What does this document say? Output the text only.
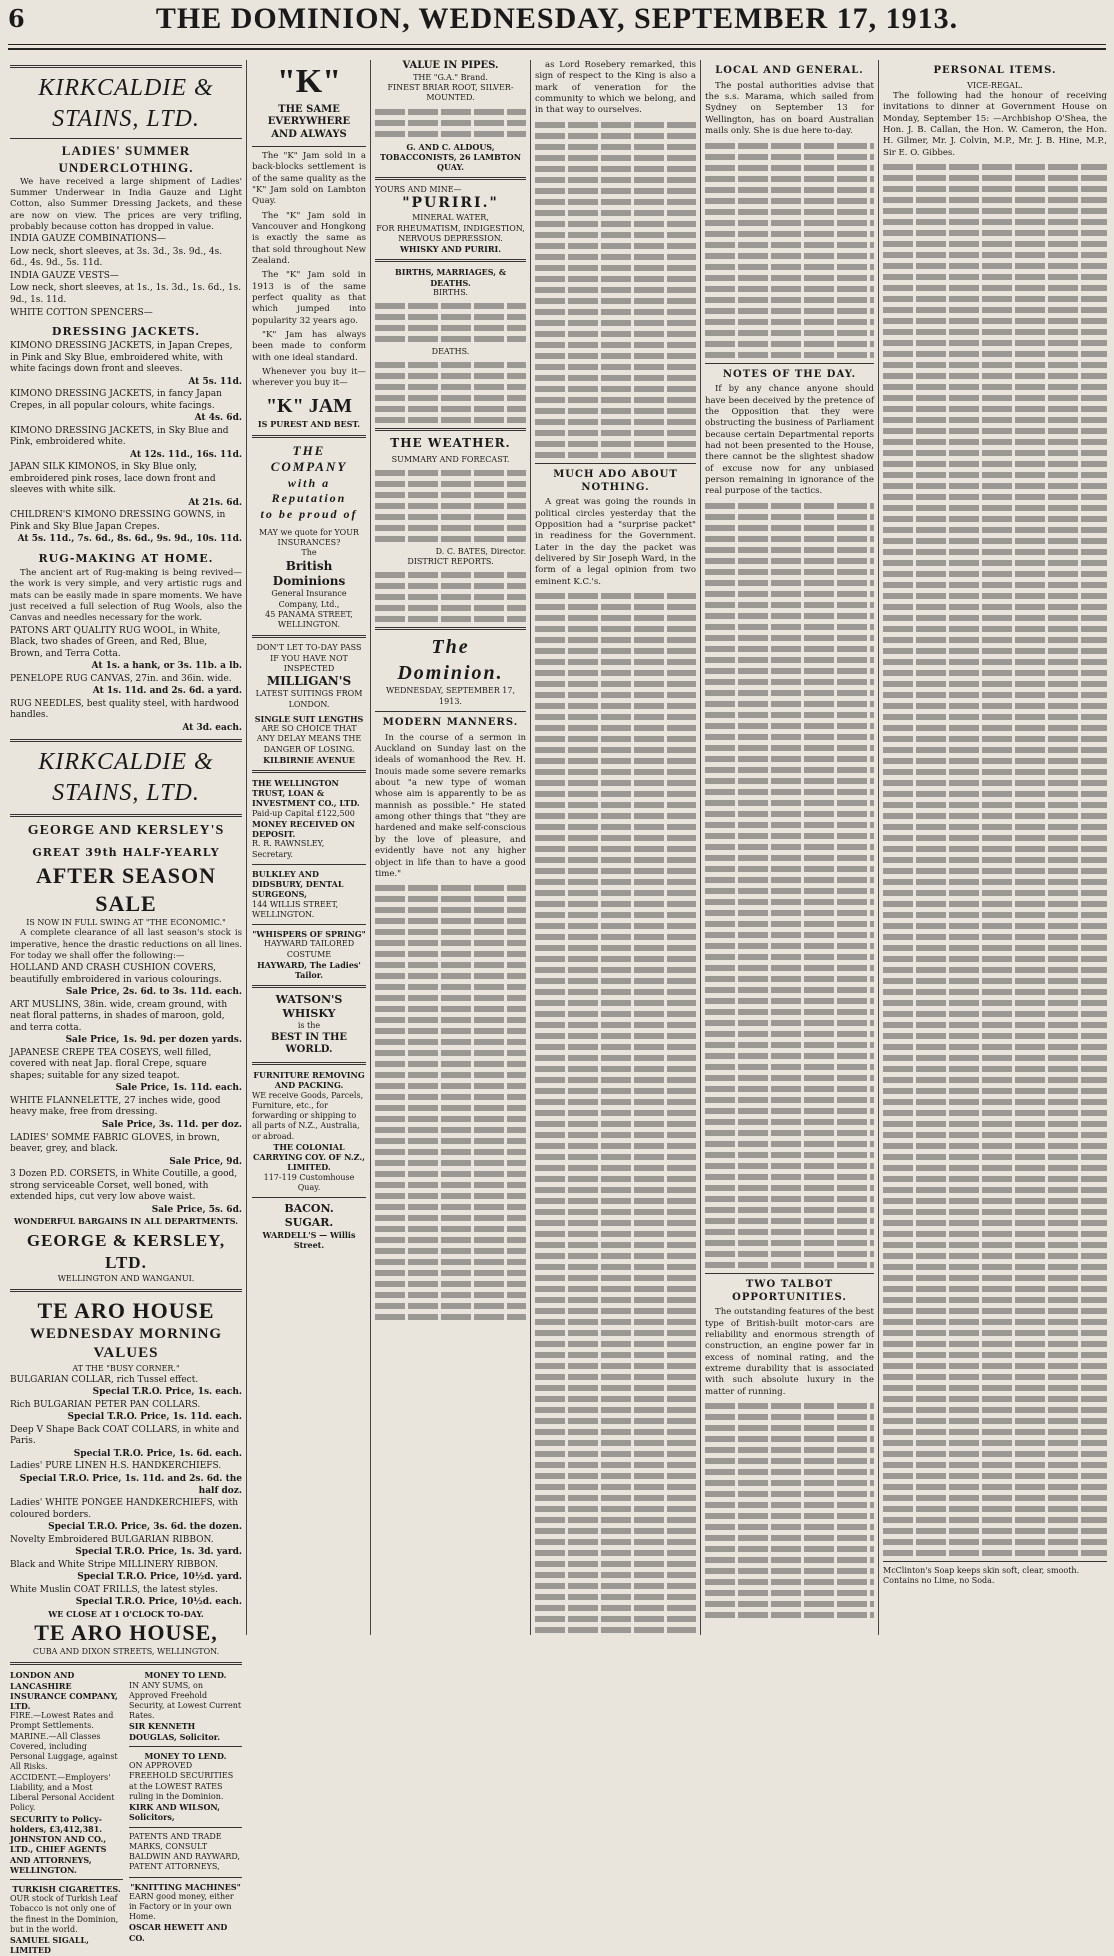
6	THE DOMINION, WEDNESDAY, SEPTEMBER 17, 1913.
KIRKCALDIE & STAINS, LTD.
LADIES' SUMMER UNDERCLOTHING.
We have received a large shipment of Ladies' Summer Underwear in India Gauze and Light Cotton, also Summer Dressing Jackets, and these are now on view. The prices are very trifling, probably because cotton has dropped in value.
INDIA GAUZE COMBINATIONS—
Low neck, short sleeves, at 3s. 3d., 3s. 9d., 4s. 6d., 4s. 9d., 5s. 11d.
INDIA GAUZE VESTS—
Low neck, short sleeves, at 1s., 1s. 3d., 1s. 6d., 1s. 9d., 1s. 11d.
WHITE COTTON SPENCERS—
DRESSING JACKETS.
KIMONO DRESSING JACKETS, in Japan Crepes, in Pink and Sky Blue, embroidered white, with white facings down front and sleeves.
At 5s. 11d.
KIMONO DRESSING JACKETS, in fancy Japan Crepes, in all popular colours, white facings.
At 4s. 6d.
KIMONO DRESSING JACKETS, in Sky Blue and Pink, embroidered white.
At 12s. 11d., 16s. 11d.
JAPAN SILK KIMONOS, in Sky Blue only, embroidered pink roses, lace down front and sleeves with white silk.
At 21s. 6d.
CHILDREN'S KIMONO DRESSING GOWNS, in Pink and Sky Blue Japan Crepes.
At 5s. 11d., 7s. 6d., 8s. 6d., 9s. 9d., 10s. 11d.
RUG-MAKING AT HOME.
The ancient art of Rug-making is being revived—the work is very simple, and very artistic rugs and mats can be easily made in spare moments. We have just received a full selection of Rug Wools, also the Canvas and needles necessary for the work.
PATONS ART QUALITY RUG WOOL, in White, Black, two shades of Green, and Red, Blue, Brown, and Terra Cotta.
At 1s. a hank, or 3s. 11b. a lb.
PENELOPE RUG CANVAS, 27in. and 36in. wide.
At 1s. 11d. and 2s. 6d. a yard.
RUG NEEDLES, best quality steel, with hardwood handles.
At 3d. each.
KIRKCALDIE & STAINS, LTD.
GEORGE AND KERSLEY'S
GREAT 39th HALF-YEARLY
AFTER SEASON SALE
IS NOW IN FULL SWING AT "THE ECONOMIC."
A complete clearance of all last season's stock is imperative, hence the drastic reductions on all lines. For today we shall offer the following:—
HOLLAND AND CRASH CUSHION COVERS, beautifully embroidered in various colourings.
Sale Price, 2s. 6d. to 3s. 11d. each.
ART MUSLINS, 38in. wide, cream ground, with neat floral patterns, in shades of maroon, gold, and terra cotta.
Sale Price, 1s. 9d. per dozen yards.
JAPANESE CREPE TEA COSEYS, well filled, covered with neat Jap. floral Crepe, square shapes; suitable for any sized teapot.
Sale Price, 1s. 11d. each.
WHITE FLANNELETTE, 27 inches wide, good heavy make, free from dressing.
Sale Price, 3s. 11d. per doz.
LADIES' SOMME FABRIC GLOVES, in brown, beaver, grey, and black.
Sale Price, 9d.
3 Dozen P.D. CORSETS, in White Coutille, a good, strong serviceable Corset, well boned, with extended hips, cut very low above waist.
Sale Price, 5s. 6d.
WONDERFUL BARGAINS IN ALL DEPARTMENTS.
GEORGE & KERSLEY, LTD.
WELLINGTON AND WANGANUI.
TE ARO HOUSE
WEDNESDAY MORNING VALUES
AT THE "BUSY CORNER."
BULGARIAN COLLAR, rich Tussel effect.
Special T.R.O. Price, 1s. each.
Rich BULGARIAN PETER PAN COLLARS.
Special T.R.O. Price, 1s. 11d. each.
Deep V Shape Back COAT COLLARS, in white and Paris.
Special T.R.O. Price, 1s. 6d. each.
Ladies' PURE LINEN H.S. HANDKERCHIEFS.
Special T.R.O. Price, 1s. 11d. and 2s. 6d. the half doz.
Ladies' WHITE PONGEE HANDKERCHIEFS, with coloured borders.
Special T.R.O. Price, 3s. 6d. the dozen.
Novelty Embroidered BULGARIAN RIBBON.
Special T.R.O. Price, 1s. 3d. yard.
Black and White Stripe MILLINERY RIBBON.
Special T.R.O. Price, 10½d. yard.
White Muslin COAT FRILLS, the latest styles.
Special T.R.O. Price, 10½d. each.
WE CLOSE AT 1 O'CLOCK TO-DAY.
TE ARO HOUSE,
CUBA AND DIXON STREETS, WELLINGTON.
LONDON AND LANCASHIRE INSURANCE COMPANY, LTD.
FIRE.—Lowest Rates and Prompt Settlements.
MARINE.—All Classes Covered, including Personal Luggage, against All Risks.
ACCIDENT.—Employers' Liability, and a Most Liberal Personal Accident Policy.
SECURITY to Policy-holders, £3,412,381.
JOHNSTON AND CO., LTD., CHIEF AGENTS AND ATTORNEYS, WELLINGTON.
TURKISH CIGARETTES.
OUR stock of Turkish Leaf Tobacco is not only one of the finest in the Dominion, but in the world.
SAMUEL SIGALL, LIMITED
MONEY TO LEND.
IN ANY SUMS, on Approved Freehold Security, at Lowest Current Rates.
SIR KENNETH DOUGLAS, Solicitor.
MONEY TO LEND.
ON APPROVED FREEHOLD SECURITIES at the LOWEST RATES ruling in the Dominion.
KIRK AND WILSON, Solicitors,
PATENTS AND TRADE MARKS, CONSULT BALDWIN AND RAYWARD, PATENT ATTORNEYS,
"KNITTING MACHINES"
EARN good money, either in Factory or in your own Home.
OSCAR HEWETT AND CO.
"K"
THE SAME
EVERYWHERE
AND ALWAYS
The "K" Jam sold in a back-blocks settlement is of the same quality as the "K" Jam sold on Lambton Quay.
The "K" Jam sold in Vancouver and Hongkong is exactly the same as that sold throughout New Zealand.
The "K" Jam sold in 1913 is of the same perfect quality as that which jumped into popularity 32 years ago.
"K" Jam has always been made to conform with one ideal standard.
Whenever you buy it—wherever you buy it—
"K" JAM
IS PUREST AND BEST.
THE COMPANY
with a Reputation
to be proud of
MAY we quote for YOUR INSURANCES?
The
British Dominions
General Insurance Company, Ltd.,
45 PANAMA STREET, WELLINGTON.
DON'T LET TO-DAY PASS IF YOU HAVE NOT INSPECTED
MILLIGAN'S
LATEST SUITINGS FROM LONDON.
SINGLE SUIT LENGTHS
ARE SO CHOICE THAT ANY DELAY MEANS THE DANGER OF LOSING.
KILBIRNIE AVENUE
THE WELLINGTON TRUST, LOAN & INVESTMENT CO., LTD.
Paid-up Capital £122,500
MONEY RECEIVED ON DEPOSIT.
R. R. RAWNSLEY, Secretary.
BULKLEY AND DIDSBURY, DENTAL SURGEONS,
144 WILLIS STREET, WELLINGTON.
"WHISPERS OF SPRING"
HAYWARD TAILORED COSTUME
HAYWARD, The Ladies' Tailor.
WATSON'S WHISKY
is the
BEST IN THE WORLD.
FURNITURE REMOVING AND PACKING.
WE receive Goods, Parcels, Furniture, etc., for forwarding or shipping to all parts of N.Z., Australia, or abroad.
THE COLONIAL CARRYING COY. OF N.Z., LIMITED.
117-119 Customhouse Quay.
BACON.
SUGAR.
WARDELL'S — Willis Street.
VALUE IN PIPES.
THE "G.A." Brand.
FINEST BRIAR ROOT, SILVER-MOUNTED.
G. AND C. ALDOUS, TOBACCONISTS, 26 LAMBTON QUAY.
YOURS AND MINE—
"PURIRI."
MINERAL WATER,
FOR RHEUMATISM, INDIGESTION, NERVOUS DEPRESSION.
WHISKY AND PURIRI.
BIRTHS, MARRIAGES, & DEATHS.
BIRTHS.
DEATHS.
THE WEATHER.
SUMMARY AND FORECAST.
D. C. BATES, Director.
DISTRICT REPORTS.
The Dominion.
WEDNESDAY, SEPTEMBER 17, 1913.
MODERN MANNERS.
In the course of a sermon in Auckland on Sunday last on the ideals of womanhood the Rev. H. Inouis made some severe remarks about "a new type of woman whose aim is apparently to be as mannish as possible." He stated among other things that "they are hardened and make self-conscious by the love of pleasure, and evidently have not any higher object in life than to have a good time."
as Lord Rosebery remarked, this sign of respect to the King is also a mark of veneration for the community to which we belong, and in that way to ourselves.
MUCH ADO ABOUT NOTHING.
A great was going the rounds in political circles yesterday that the Opposition had a "surprise packet" in readiness for the Government. Later in the day the packet was delivered by Sir Joseph Ward, in the form of a legal opinion from two eminent K.C.'s.
LOCAL AND GENERAL.
The postal authorities advise that the s.s. Marama, which sailed from Sydney on September 13 for Wellington, has on board Australian mails only. She is due here to-day.
NOTES OF THE DAY.
If by any chance anyone should have been deceived by the pretence of the Opposition that they were obstructing the business of Parliament because certain Departmental reports had not been presented to the House, there cannot be the slightest shadow of excuse now for any unbiased person remaining in ignorance of the real purpose of the tactics.
TWO TALBOT OPPORTUNITIES.
The outstanding features of the best type of British-built motor-cars are reliability and enormous strength of construction, an engine power far in excess of nominal rating, and the extreme durability that is associated with such absolute luxury in the matter of running.
PERSONAL ITEMS.
VICE-REGAL.
The following had the honour of receiving invitations to dinner at Government House on Monday, September 15: —Archbishop O'Shea, the Hon. J. B. Callan, the Hon. W. Cameron, the Hon. H. Gilmer, Mr. J. Colvin, M.P., Mr. J. B. Hine, M.P., Sir E. O. Gibbes.
McClinton's Soap keeps skin soft, clear, smooth. Contains no Lime, no Soda.
